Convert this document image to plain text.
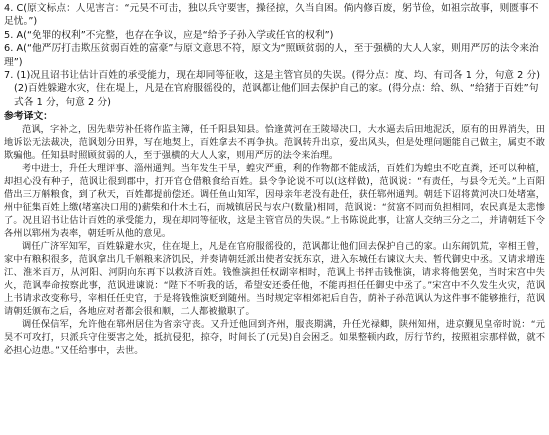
4. C(原文标点：人见害言：“元昊不可击，独以兵守要害，操径掠，久当自困。倘内修百废，躬节俭，如祖宗故事，则匮事不足忧。”)

5. A(“免罪的权利”不完整，也存在争议，应是“给予子孙入学或任官的权利”)

6. A(“他严厉打击欺压贫弱百姓的富豪”与原文意思不符，原文为“照顾贫弱的人，至于强横的大人人家，则用严厉的法令来治理”)

7. (1)况且诏书让估计百姓的承受能力，现在却同等征收，这是主管官员的失误。(得分点：度、均、有司各 1 分，句意 2 分)

(2)百姓躲避水灾，住在堤上，凡是在官府服徭役的，范讽都让他们回去保护自己的家。(得分点：给、纵、“给猪于百姓”句式各 1 分，句意 2 分)

参考译文：

范讽，字补之，因先辈劳补任将作监主簿，任千阳县知县。恰逢黄河在王陵埽决口，大水逼去后田地泥沃，原有的田界消失，田地诉讼无法裁决，范讽划分田界，写在地契上，百姓拿去不再争执。范讽转升出京，爱出风头，但是处理问题能自己做主，属吏不敢欺骗他。任知县时照顾贫弱的人，至于强横的大人人家，则用严厉的法令来治理。

考中进士，升任大理评事、淄州通判。当年发生干旱，蝗灾严重，利的作物都不能成活，百姓们为蝗虫不吃直粪，还可以种植，却担心没有种子，范讽让很到郡中，打开官仓借粮食给百姓。县令争论说不可以(这样做)，范讽说：“有责任，与县令无关。”上百阳借出三万斛粮食，到了秋天，百姓都提前偿还。调任鱼山知军，因母亲年老没有赴任，获任郓州通判。朝廷下诏将黄河决口处堵塞，州中征集百姓上缴(堵塞决口用的)薪柴和什木土石，而城镇居民与农户(数量)相同，范讽说：“贫富不同而负担相同，农民真是太悲惨了。况且诏书让估计百姓的承受能力，现在却同等征收，这是主管官员的失误。”上书陈说此事，让富人交纳三分之二，并请朝廷下令各州以郓州为表率，朝廷听从他的意见。

调任广济军知军，百姓躲避水灾，住在堤上，凡是在官府服徭役的，范讽都让他们回去保护自己的家。山东闹饥荒，宰相王曾，家中有粮积很多，范讽拿出几千斛粮来济饥民，并奏请朝廷派出使者安抚东京，进入东城任右谏议大夫、暂代御史中丞。又请求增连江、淮米百万，从河阳、河阴向东再下以救济百姓。钱惟演担任权副宰相时，范讽上书抨击钱惟演，请求将他罢免，当时宋宫中失火，范讽奉命按察此事，范讽进谏说：“陛下不听我的话，希望安还委任他，不能再担任任御史中丞了。”宋宫中不久发生火灾，范讽上书请求改变称号，宰相任任史官，于是将钱惟演贬到随州。当时规定宰相郊祀后自告，荫补子孙范讽认为这件事不能够推行，范讽请朝廷颁布之后，各地应对者都会很和顺，二人都被撤职了。

调任保信军，允许他在郓州居住为省亲守丧。又升迁他回到齐州，服丧期满，升任光禄卿，陕州知州，进京觐见皇帝时说：“元昊不可攻打，只派兵守住要害之处，抵抗侵犯，掠夺，时间长了(元昊)自会困乏。如果整顿内政，厉行节约，按照祖宗那样做，就不必担心边患。”又任给事中，去世。
